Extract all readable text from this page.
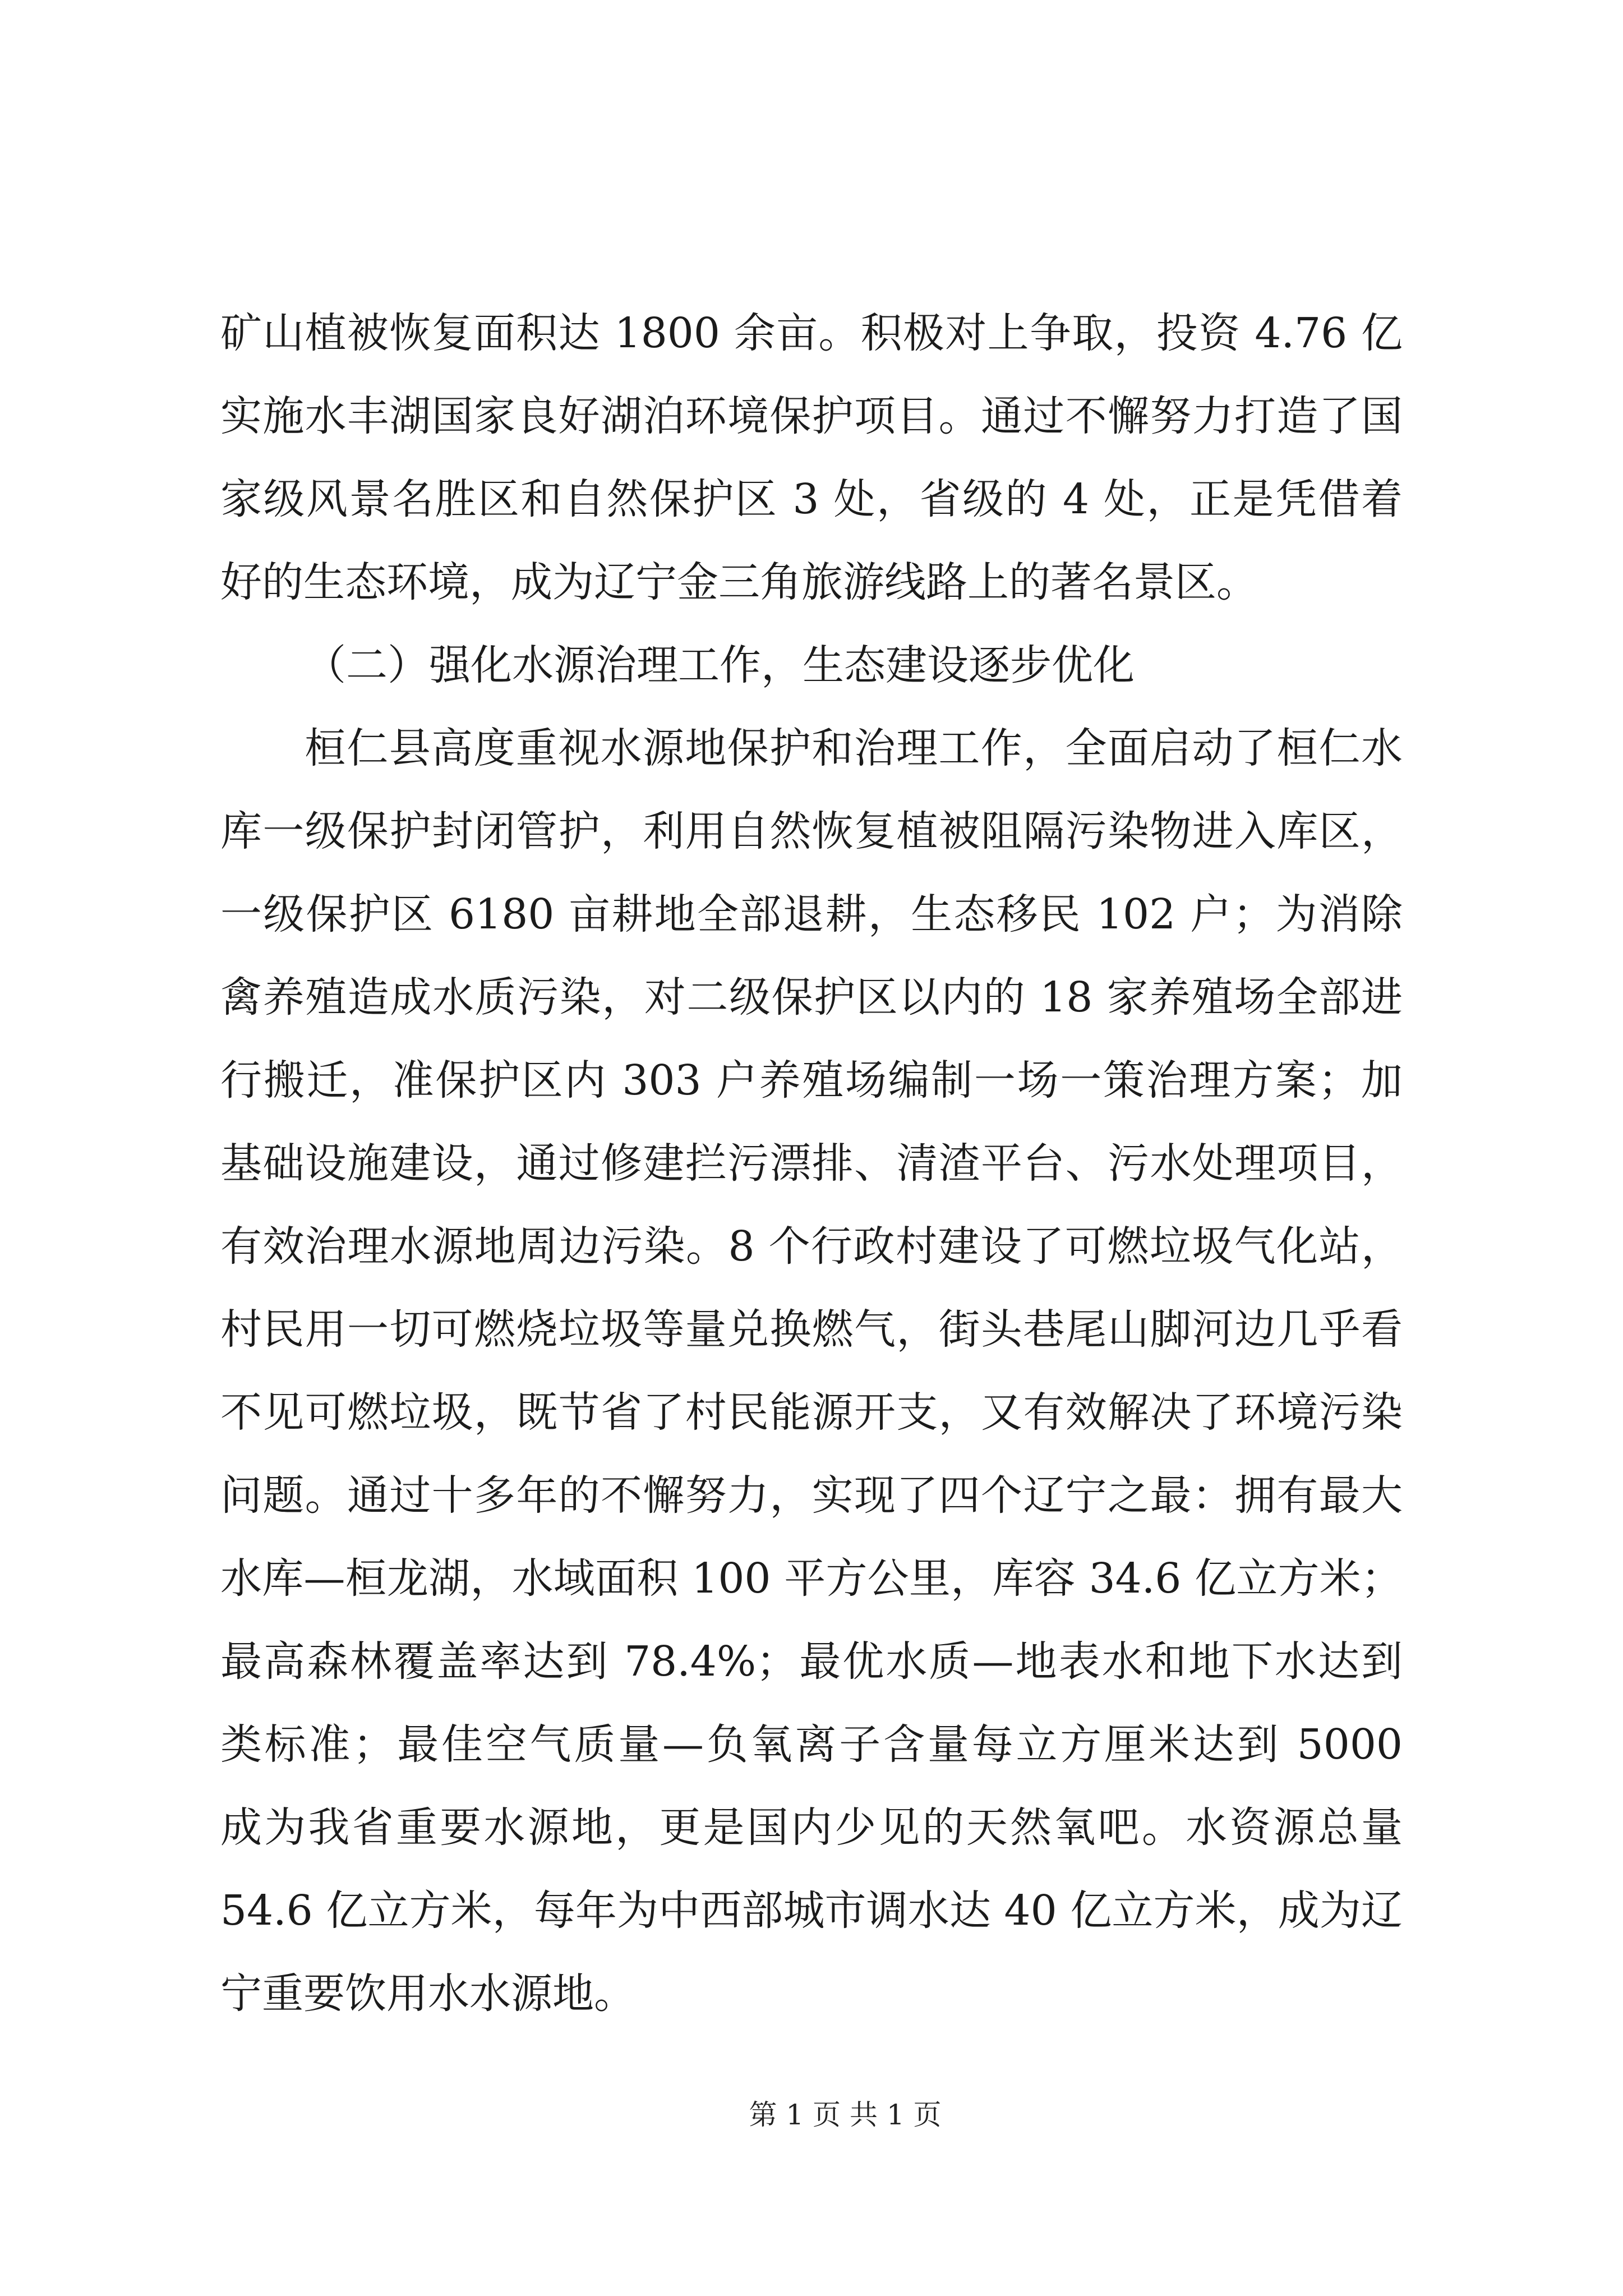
矿山植被恢复面积达 1800 余亩。积极对上争取，投资 4.76 亿
实施水丰湖国家良好湖泊环境保护项目。通过不懈努力打造了国
家级风景名胜区和自然保护区 3 处，省级的 4 处，正是凭借着
好的生态环境，成为辽宁金三角旅游线路上的著名景区。
（二）强化水源治理工作，生态建设逐步优化
桓仁县高度重视水源地保护和治理工作，全面启动了桓仁水
库一级保护封闭管护，利用自然恢复植被阻隔污染物进入库区，
一级保护区 6180 亩耕地全部退耕，生态移民 102 户；为消除
禽养殖造成水质污染，对二级保护区以内的 18 家养殖场全部进
行搬迁，准保护区内 303 户养殖场编制一场一策治理方案；加
基础设施建设，通过修建拦污漂排、清渣平台、污水处理项目，
有效治理水源地周边污染。8 个行政村建设了可燃垃圾气化站，
村民用一切可燃烧垃圾等量兑换燃气，街头巷尾山脚河边几乎看
不见可燃垃圾，既节省了村民能源开支，又有效解决了环境污染
问题。通过十多年的不懈努力，实现了四个辽宁之最：拥有最大
水库—桓龙湖，水域面积 100 平方公里，库容 34.6 亿立方米；
最高森林覆盖率达到 78.4%；最优水质—地表水和地下水达到
类标准；最佳空气质量—负氧离子含量每立方厘米达到 5000
成为我省重要水源地，更是国内少见的天然氧吧。水资源总量
54.6 亿立方米，每年为中西部城市调水达 40 亿立方米，成为辽
宁重要饮用水水源地。
第 1 页 共 1 页
